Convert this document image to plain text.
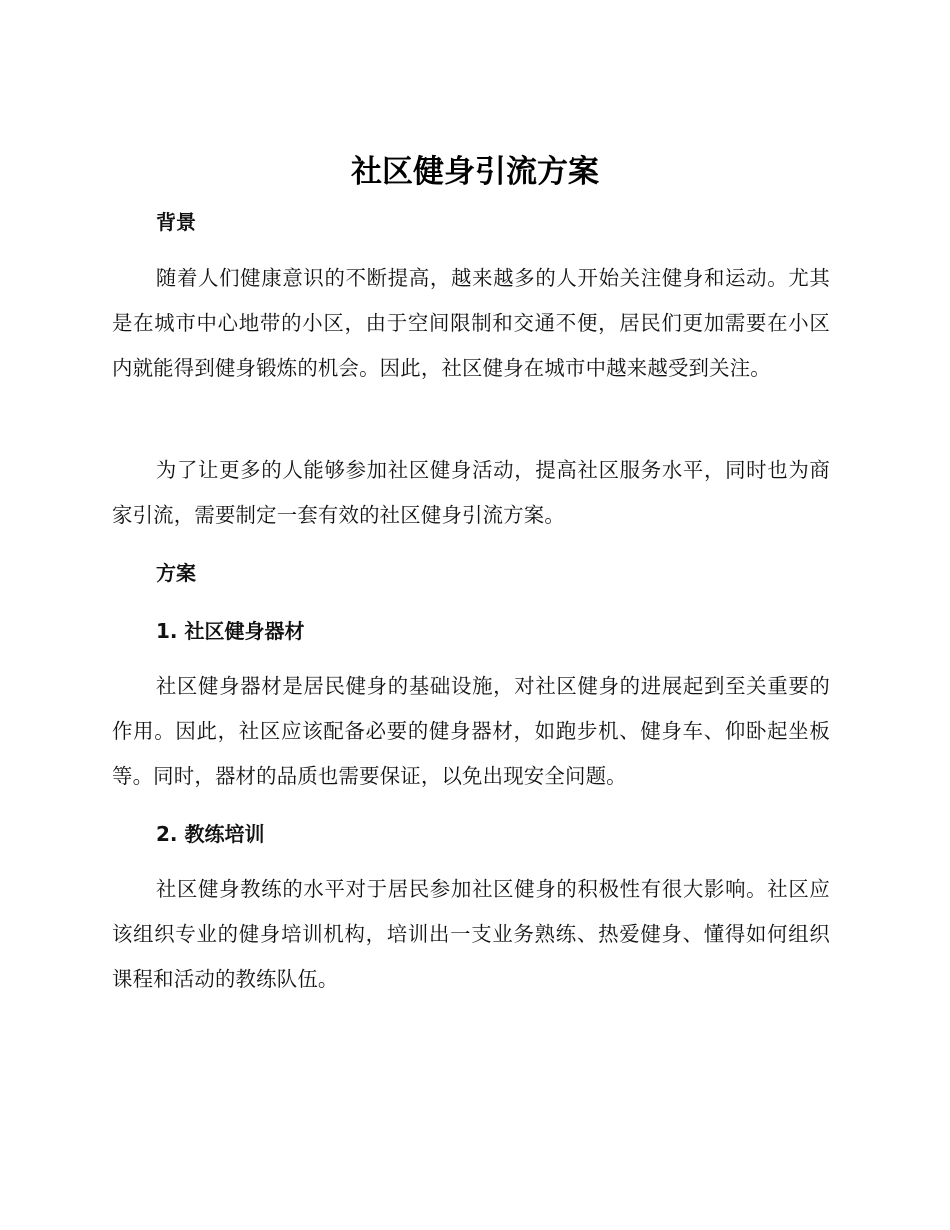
社区健身引流方案
背景

随着人们健康意识的不断提高，越来越多的人开始关注健身和运动。尤其是在城市中心地带的小区，由于空间限制和交通不便，居民们更加需要在小区内就能得到健身锻炼的机会。因此，社区健身在城市中越来越受到关注。

为了让更多的人能够参加社区健身活动，提高社区服务水平，同时也为商家引流，需要制定一套有效的社区健身引流方案。

方案
1. 社区健身器材

社区健身器材是居民健身的基础设施，对社区健身的进展起到至关重要的作用。因此，社区应该配备必要的健身器材，如跑步机、健身车、仰卧起坐板等。同时，器材的品质也需要保证，以免出现安全问题。

2. 教练培训

社区健身教练的水平对于居民参加社区健身的积极性有很大影响。社区应该组织专业的健身培训机构，培训出一支业务熟练、热爱健身、懂得如何组织课程和活动的教练队伍。
